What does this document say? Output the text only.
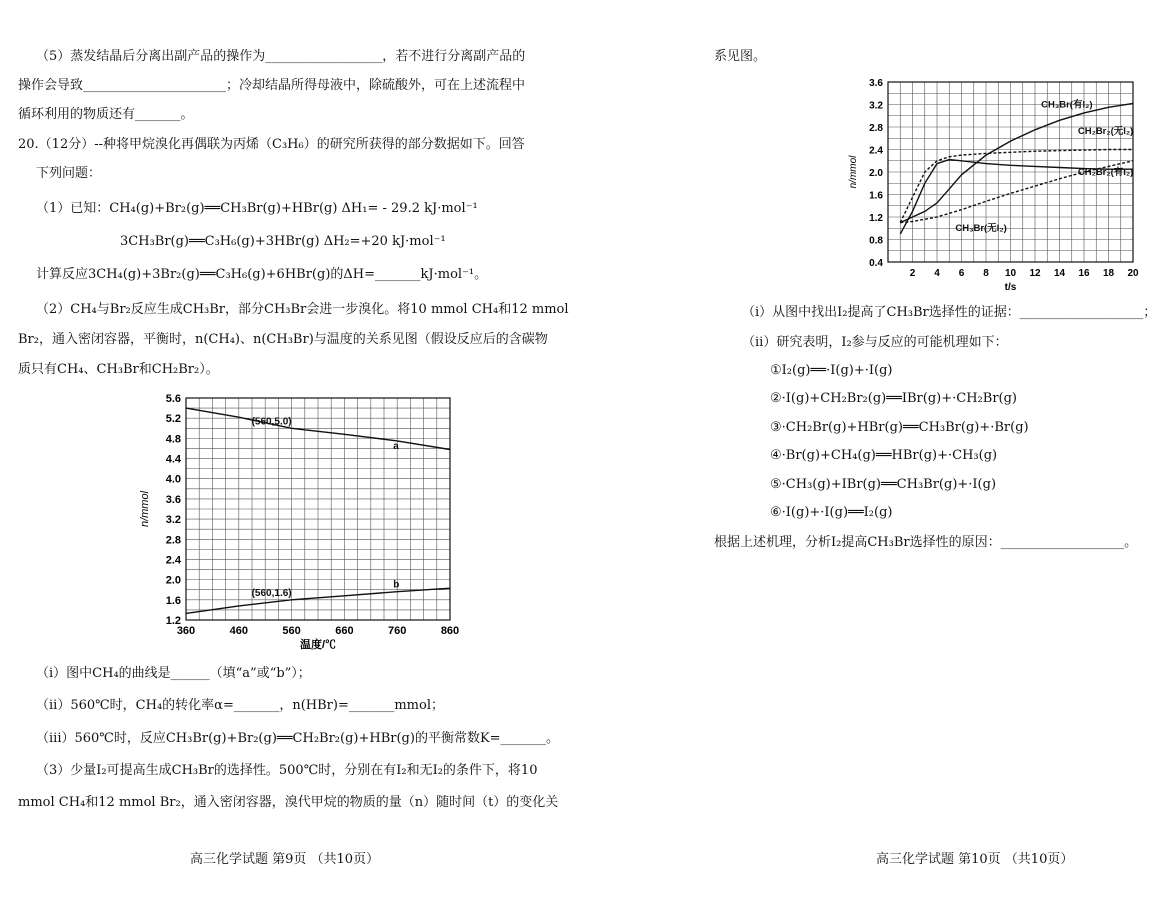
（5）蒸发结晶后分离出副产品的操作为__________________，若不进行分离副产品的
操作会导致______________________；冷却结晶所得母液中，除硫酸外，可在上述流程中
循环利用的物质还有_______。
20.（12分）--种将甲烷溴化再偶联为丙烯（C₃H₆）的研究所获得的部分数据如下。回答
下列问题：
（1）已知：CH₄(g)+Br₂(g)══CH₃Br(g)+HBr(g) ΔH₁= - 29.2 kJ·mol⁻¹
3CH₃Br(g)══C₃H₆(g)+3HBr(g) ΔH₂=+20 kJ·mol⁻¹
计算反应3CH₄(g)+3Br₂(g)══C₃H₆(g)+6HBr(g)的ΔH=_______kJ·mol⁻¹。
（2）CH₄与Br₂反应生成CH₃Br，部分CH₃Br会进一步溴化。将10 mmol CH₄和12 mmol
Br₂，通入密闭容器，平衡时，n(CH₄)、n(CH₃Br)与温度的关系见图（假设反应后的含碳物
质只有CH₄、CH₃Br和CH₂Br₂）。
360	460	560	660	760	860
1.2
1.6
2.0
2.4
2.8
3.2
3.6
4.0
4.4
4.8
5.2
5.6
温度/℃
n/mmol
(560,5.0)
(560,1.6)
a
b
（i）图中CH₄的曲线是______（填“a”或“b”）；
（ii）560℃时，CH₄的转化率α=_______，n(HBr)=_______mmol；
（iii）560℃时，反应CH₃Br(g)+Br₂(g)══CH₂Br₂(g)+HBr(g)的平衡常数K=_______。
（3）少量I₂可提高生成CH₃Br的选择性。500℃时，分别在有I₂和无I₂的条件下，将10
mmol CH₄和12 mmol Br₂，通入密闭容器，溴代甲烷的物质的量（n）随时间（t）的变化关
高三化学试题 第9页 （共10页）
系见图。
2 4 6 8 10 12 14 16 18 20
0.4
0.8
1.2
1.6
2.0
2.4
2.8
3.2
3.6
t/s
n/mmol
CH₃Br(有I₂)
CH₂Br₂(无I₂)
CH₂Br₂(有I₂)
CH₃Br(无I₂)
（i）从图中找出I₂提高了CH₃Br选择性的证据：___________________；
（ii）研究表明，I₂参与反应的可能机理如下：
①I₂(g)══·I(g)+·I(g)
②·I(g)+CH₂Br₂(g)══IBr(g)+·CH₂Br(g)
③·CH₂Br(g)+HBr(g)══CH₃Br(g)+·Br(g)
④·Br(g)+CH₄(g)══HBr(g)+·CH₃(g)
⑤·CH₃(g)+IBr(g)══CH₃Br(g)+·I(g)
⑥·I(g)+·I(g)══I₂(g)
根据上述机理，分析I₂提高CH₃Br选择性的原因：___________________。
高三化学试题 第10页 （共10页）
